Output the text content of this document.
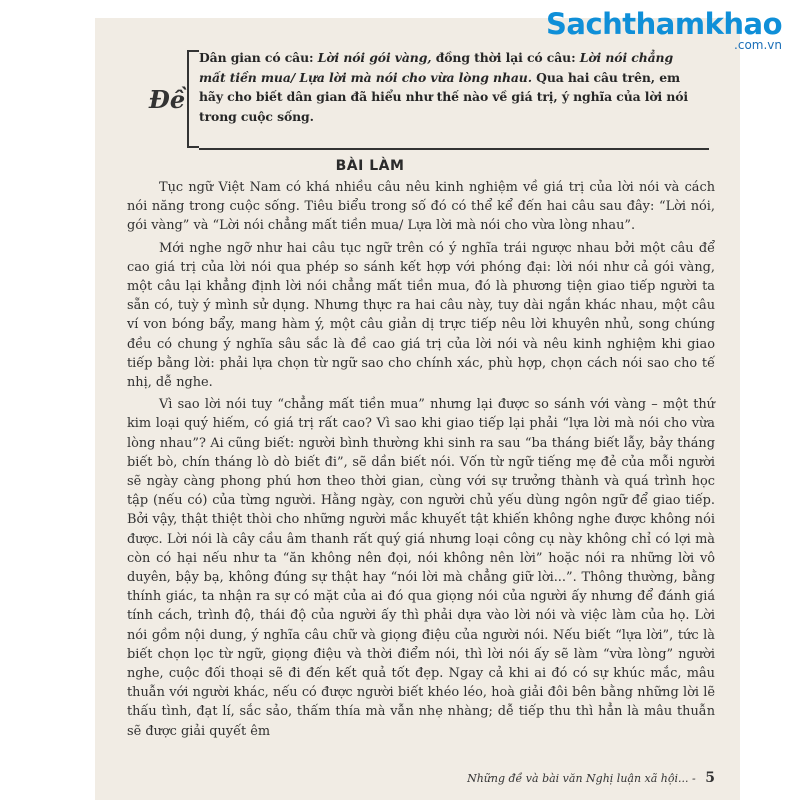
Đề
Dân gian có câu: Lời nói gói vàng, đồng thời lại có câu: Lời nói chẳng mất tiền mua/ Lựa lời mà nói cho vừa lòng nhau. Qua hai câu trên, em hãy cho biết dân gian đã hiểu như thế nào về giá trị, ý nghĩa của lời nói trong cuộc sống.
BÀI LÀM

Tục ngữ Việt Nam có khá nhiều câu nêu kinh nghiệm về giá trị của lời nói và cách nói năng trong cuộc sống. Tiêu biểu trong số đó có thể kể đến hai câu sau đây: “Lời nói, gói vàng” và “Lời nói chẳng mất tiền mua/ Lựa lời mà nói cho vừa lòng nhau”.

Mới nghe ngỡ như hai câu tục ngữ trên có ý nghĩa trái ngược nhau bởi một câu để cao giá trị của lời nói qua phép so sánh kết hợp với phóng đại: lời nói như cả gói vàng, một câu lại khẳng định lời nói chẳng mất tiền mua, đó là phương tiện giao tiếp người ta sẵn có, tuỳ ý mình sử dụng. Nhưng thực ra hai câu này, tuy dài ngắn khác nhau, một câu ví von bóng bẩy, mang hàm ý, một câu giản dị trực tiếp nêu lời khuyên nhủ, song chúng đều có chung ý nghĩa sâu sắc là đề cao giá trị của lời nói và nêu kinh nghiệm khi giao tiếp bằng lời: phải lựa chọn từ ngữ sao cho chính xác, phù hợp, chọn cách nói sao cho tế nhị, dễ nghe.

Vì sao lời nói tuy “chẳng mất tiền mua” nhưng lại được so sánh với vàng – một thứ kim loại quý hiếm, có giá trị rất cao? Vì sao khi giao tiếp lại phải “lựa lời mà nói cho vừa lòng nhau”? Ai cũng biết: người bình thường khi sinh ra sau “ba tháng biết lẫy, bảy tháng biết bò, chín tháng lò dò biết đi”, sẽ dần biết nói. Vốn từ ngữ tiếng mẹ đẻ của mỗi người sẽ ngày càng phong phú hơn theo thời gian, cùng với sự trưởng thành và quá trình học tập (nếu có) của từng người. Hằng ngày, con người chủ yếu dùng ngôn ngữ để giao tiếp. Bởi vậy, thật thiệt thòi cho những người mắc khuyết tật khiến không nghe được không nói được. Lời nói là cây cầu âm thanh rất quý giá nhưng loại công cụ này không chỉ có lợi mà còn có hại nếu như ta “ăn không nên đọi, nói không nên lời” hoặc nói ra những lời vô duyên, bậy bạ, không đúng sự thật hay “nói lời mà chẳng giữ lời...”. Thông thường, bằng thính giác, ta nhận ra sự có mặt của ai đó qua giọng nói của người ấy nhưng để đánh giá tính cách, trình độ, thái độ của người ấy thì phải dựa vào lời nói và việc làm của họ. Lời nói gồm nội dung, ý nghĩa câu chữ và giọng điệu của người nói. Nếu biết “lựa lời”, tức là biết chọn lọc từ ngữ, giọng điệu và thời điểm nói, thì lời nói ấy sẽ làm “vừa lòng” người nghe, cuộc đối thoại sẽ đi đến kết quả tốt đẹp. Ngay cả khi ai đó có sự khúc mắc, mâu thuẫn với người khác, nếu có được người biết khéo léo, hoà giải đôi bên bằng những lời lẽ thấu tình, đạt lí, sắc sảo, thấm thía mà vẫn nhẹ nhàng; dễ tiếp thu thì hẳn là mâu thuẫn sẽ được giải quyết êm

Những đề và bài văn Nghị luận xã hội... - 5
Sachthamkhao
.com.vn
